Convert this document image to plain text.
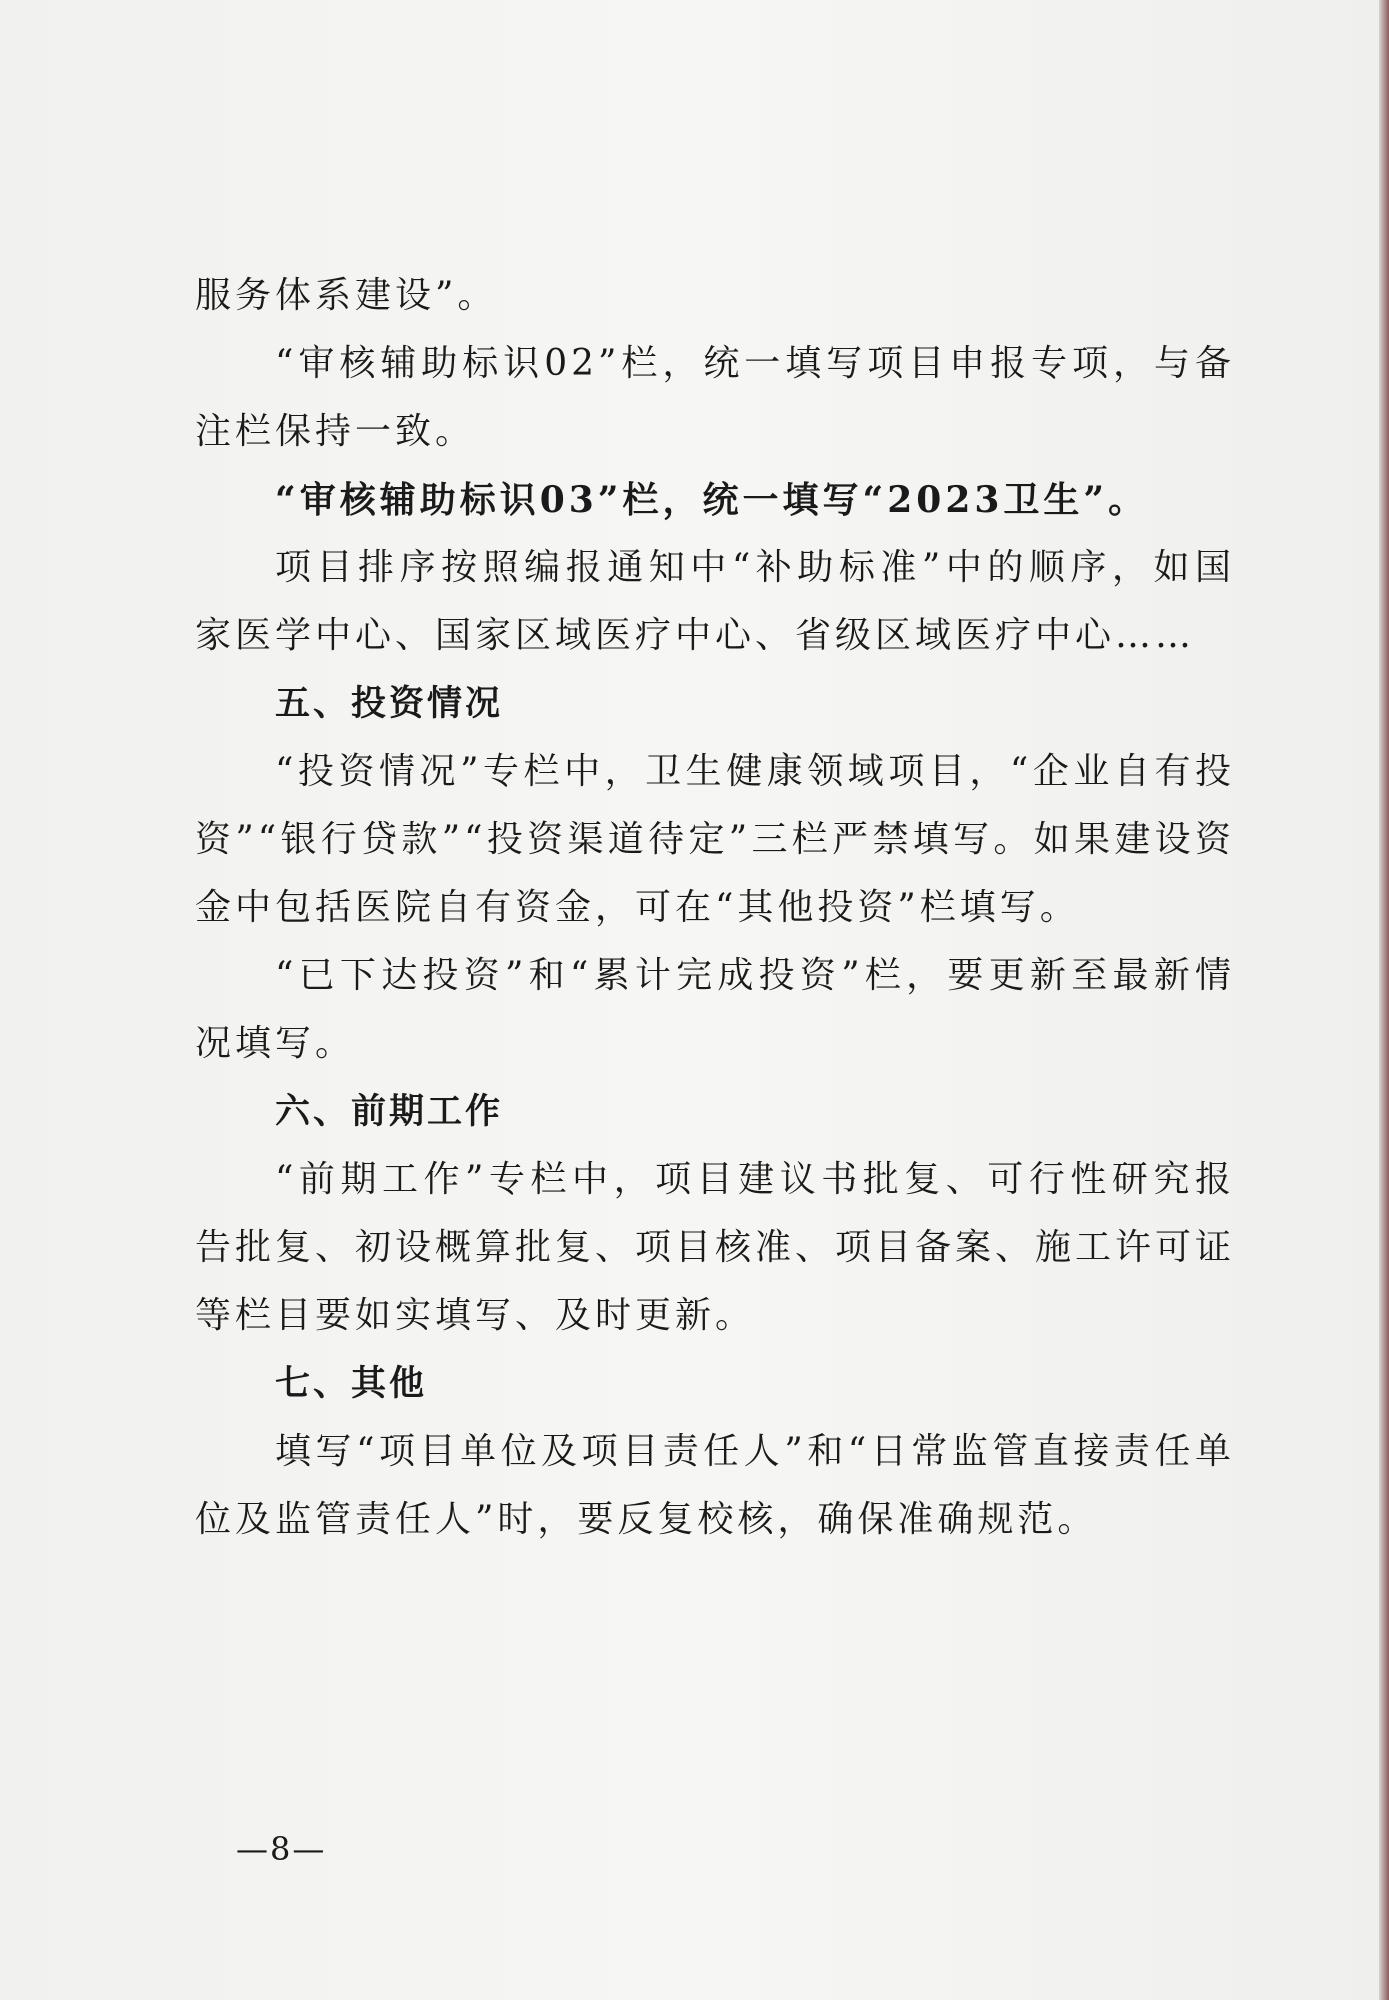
服务体系建设”。

“审核辅助标识02”栏，统一填写项目申报专项，与备注栏保持一致。

“审核辅助标识03”栏，统一填写“2023卫生”。

项目排序按照编报通知中“补助标准”中的顺序，如国家医学中心、国家区域医疗中心、省级区域医疗中心……

五、投资情况

“投资情况”专栏中，卫生健康领域项目，“企业自有投资”“银行贷款”“投资渠道待定”三栏严禁填写。如果建设资金中包括医院自有资金，可在“其他投资”栏填写。

“已下达投资”和“累计完成投资”栏，要更新至最新情况填写。

六、前期工作

“前期工作”专栏中，项目建议书批复、可行性研究报告批复、初设概算批复、项目核准、项目备案、施工许可证等栏目要如实填写、及时更新。

七、其他

填写“项目单位及项目责任人”和“日常监管直接责任单位及监管责任人”时，要反复校核，确保准确规范。

—8—
